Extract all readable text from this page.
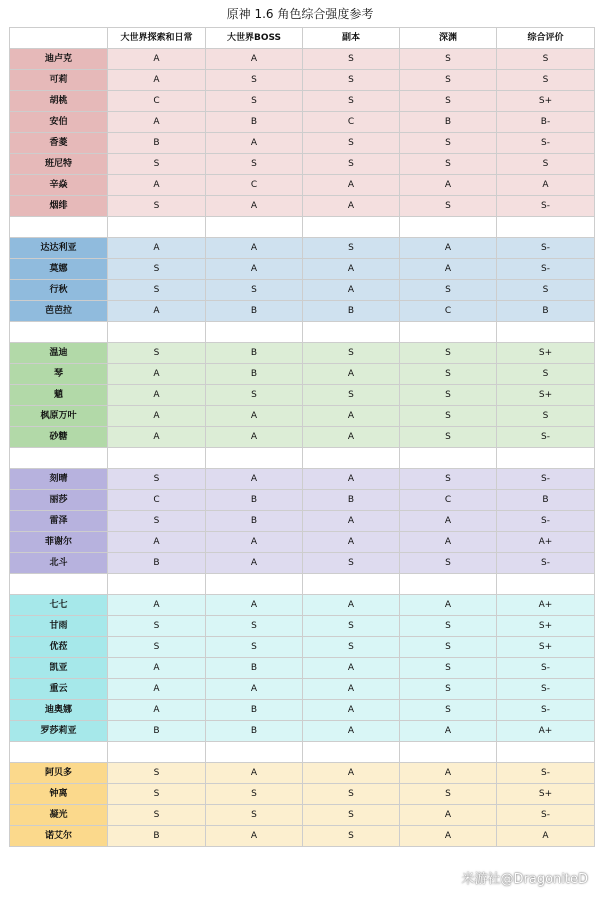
原神 1.6 角色综合强度参考
	大世界探索和日常	大世界BOSS	副本	深渊	综合评价
迪卢克	A	A	S	S	S
可莉	A	S	S	S	S
胡桃	C	S	S	S	S+
安伯	A	B	C	B	B-
香菱	B	A	S	S	S-
班尼特	S	S	S	S	S
辛焱	A	C	A	A	A
烟绯	S	A	A	S	S-

达达利亚	A	A	S	A	S-
莫娜	S	A	A	A	S-
行秋	S	S	A	S	S
芭芭拉	A	B	B	C	B

温迪	S	B	S	S	S+
琴	A	B	A	S	S
魈	A	S	S	S	S+
枫原万叶	A	A	A	S	S
砂糖	A	A	A	S	S-

刻晴	S	A	A	S	S-
丽莎	C	B	B	C	B
雷泽	S	B	A	A	S-
菲谢尔	A	A	A	A	A+
北斗	B	A	S	S	S-

七七	A	A	A	A	A+
甘雨	S	S	S	S	S+
优菈	S	S	S	S	S+
凯亚	A	B	A	S	S-
重云	A	A	A	S	S-
迪奥娜	A	B	A	S	S-
罗莎莉亚	B	B	A	A	A+

阿贝多	S	A	A	A	S-
钟离	S	S	S	S	S+
凝光	S	S	S	A	S-
诺艾尔	B	A	S	A	A
米游社@DragoniteD
